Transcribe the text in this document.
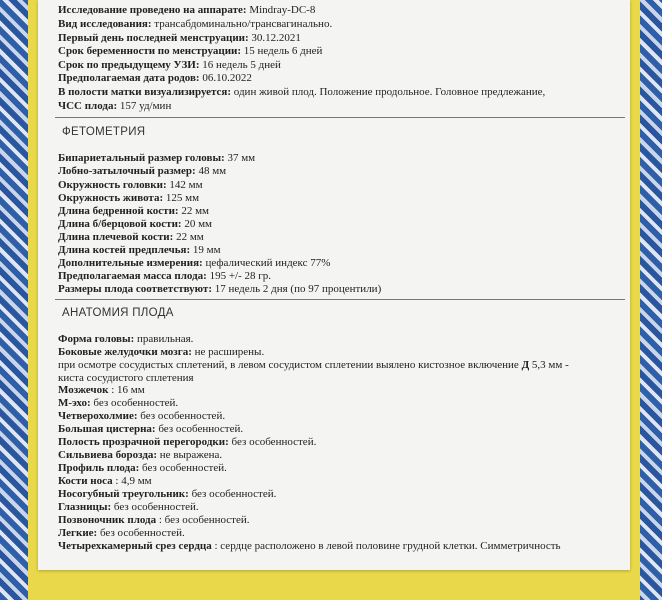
Исследование проведено на аппарате: Mindray-DC-8
Вид исследования: трансабдоминально/трансвагинально.
Первый день последней менструации: 30.12.2021
Срок беременности по менструации: 15 недель 6 дней
Срок по предыдущему УЗИ: 16 недель 5 дней
Предполагаемая дата родов: 06.10.2022
В полости матки визуализируется: один живой плод. Положение продольное. Головное предлежание,
ЧСС плода: 157 уд/мин
ФЕТОМЕТРИЯ
Бипариетальный размер головы: 37 мм
Лобно-затылочный размер: 48 мм
Окружность головки: 142 мм
Окружность живота: 125 мм
Длина бедренной кости: 22 мм
Длина б/берцовой кости: 20 мм
Длина плечевой кости: 22 мм
Длина костей предплечья: 19 мм
Дополнительные измерения: цефалический индекс 77%
Предполагаемая масса плода: 195 +/- 28 гр.
Размеры плода соответствуют: 17 недель 2 дня (по 97 процентили)
АНАТОМИЯ ПЛОДА
Форма головы: правильная.
Боковые желудочки мозга: не расширены.
при осмотре сосудистых сплетений, в левом сосудистом сплетении выялено кистозное включение Д 5,3 мм -
киста сосудистого сплетения
Мозжечок : 16 мм
М-эхо: без особенностей.
Четверохолмие: без особенностей.
Большая цистерна: без особенностей.
Полость прозрачной перегородки: без особенностей.
Сильвиева борозда: не выражена.
Профиль плода: без особенностей.
Кости носа : 4,9 мм
Носогубный треугольник: без особенностей.
Глазницы: без особенностей.
Позвоночник плода : без особенностей.
Легкие: без особенностей.
Четырехкамерный срез сердца : сердце расположено в левой половине грудной клетки. Симметричность
